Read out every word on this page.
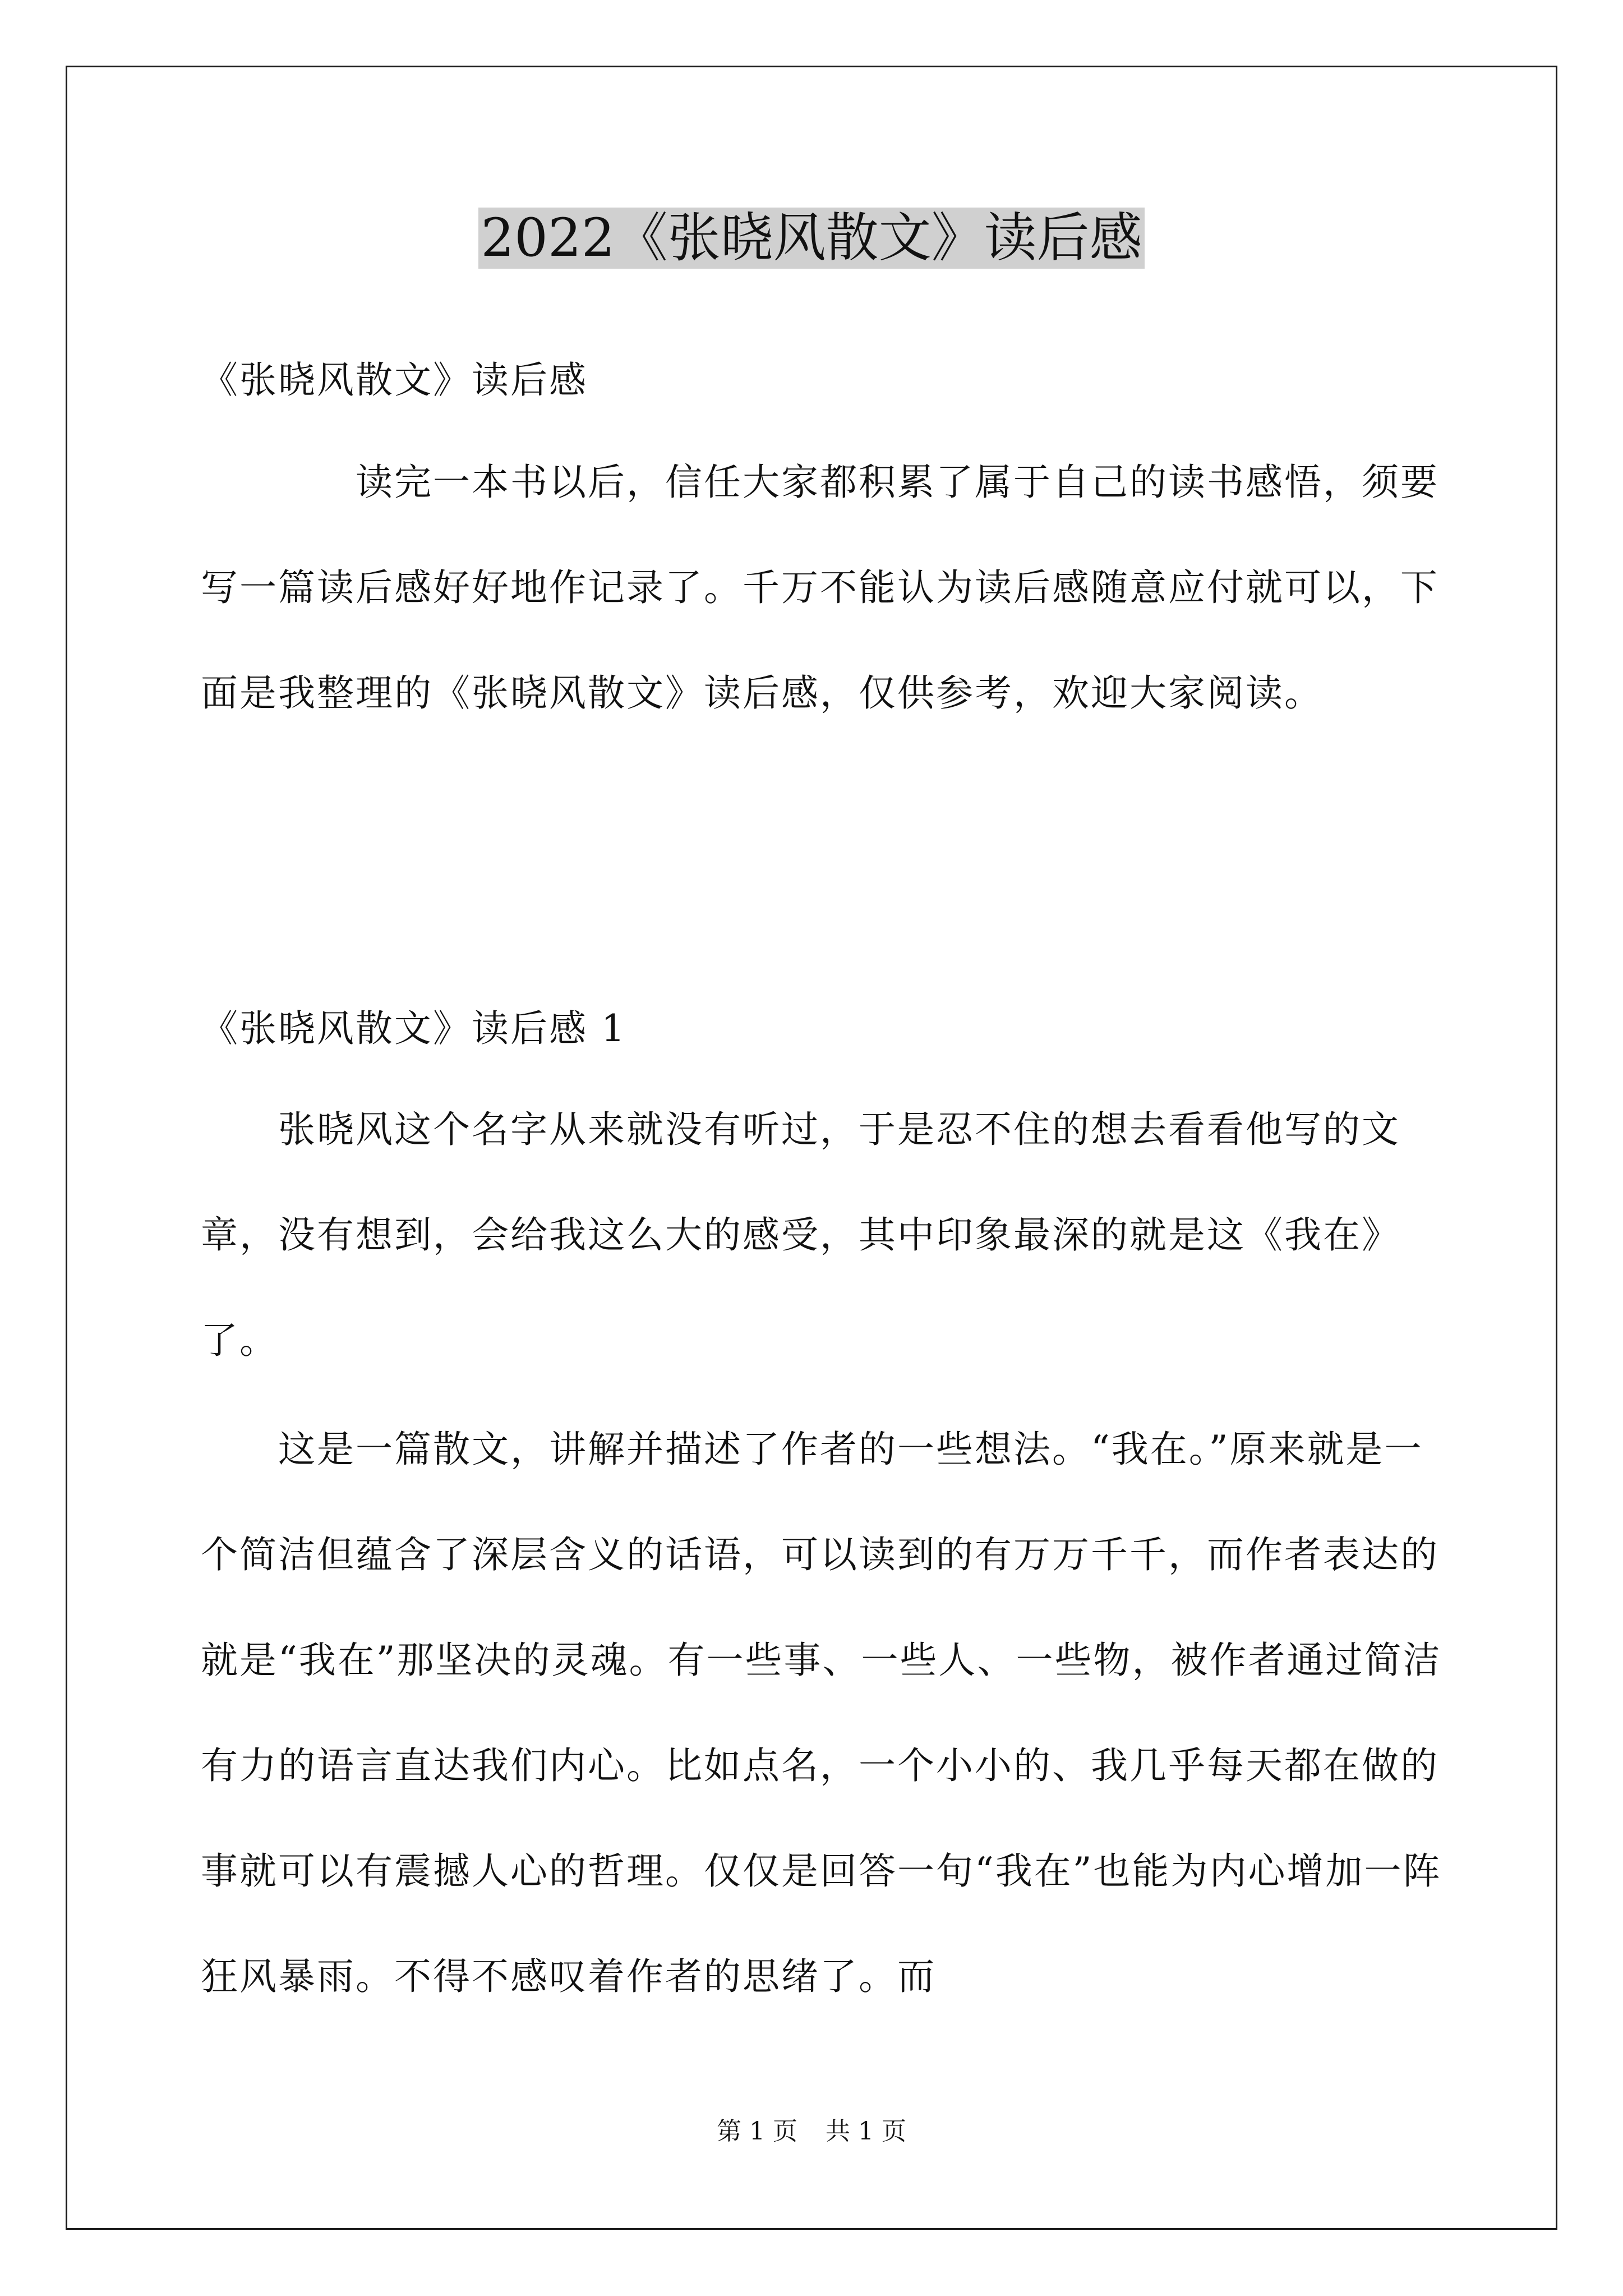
2022《张晓风散文》读后感

《张晓风散文》读后感

　　　　读完一本书以后，信任大家都积累了属于自己的读书感悟，须要写一篇读后感好好地作记录了。千万不能认为读后感随意应付就可以，下面是我整理的《张晓风散文》读后感，仅供参考，欢迎大家阅读。

《张晓风散文》读后感 1

　　张晓风这个名字从来就没有听过，于是忍不住的想去看看他写的文章，没有想到，会给我这么大的感受，其中印象最深的就是这《我在》了。

　　这是一篇散文，讲解并描述了作者的一些想法。“我在。”原来就是一个简洁但蕴含了深层含义的话语，可以读到的有万万千千，而作者表达的就是“我在”那坚决的灵魂。有一些事、一些人、一些物，被作者通过简洁有力的语言直达我们内心。比如点名，一个小小的、我几乎每天都在做的事就可以有震撼人心的哲理。仅仅是回答一句“我在”也能为内心增加一阵狂风暴雨。不得不感叹着作者的思绪了。而

第 1 页 共 1 页
